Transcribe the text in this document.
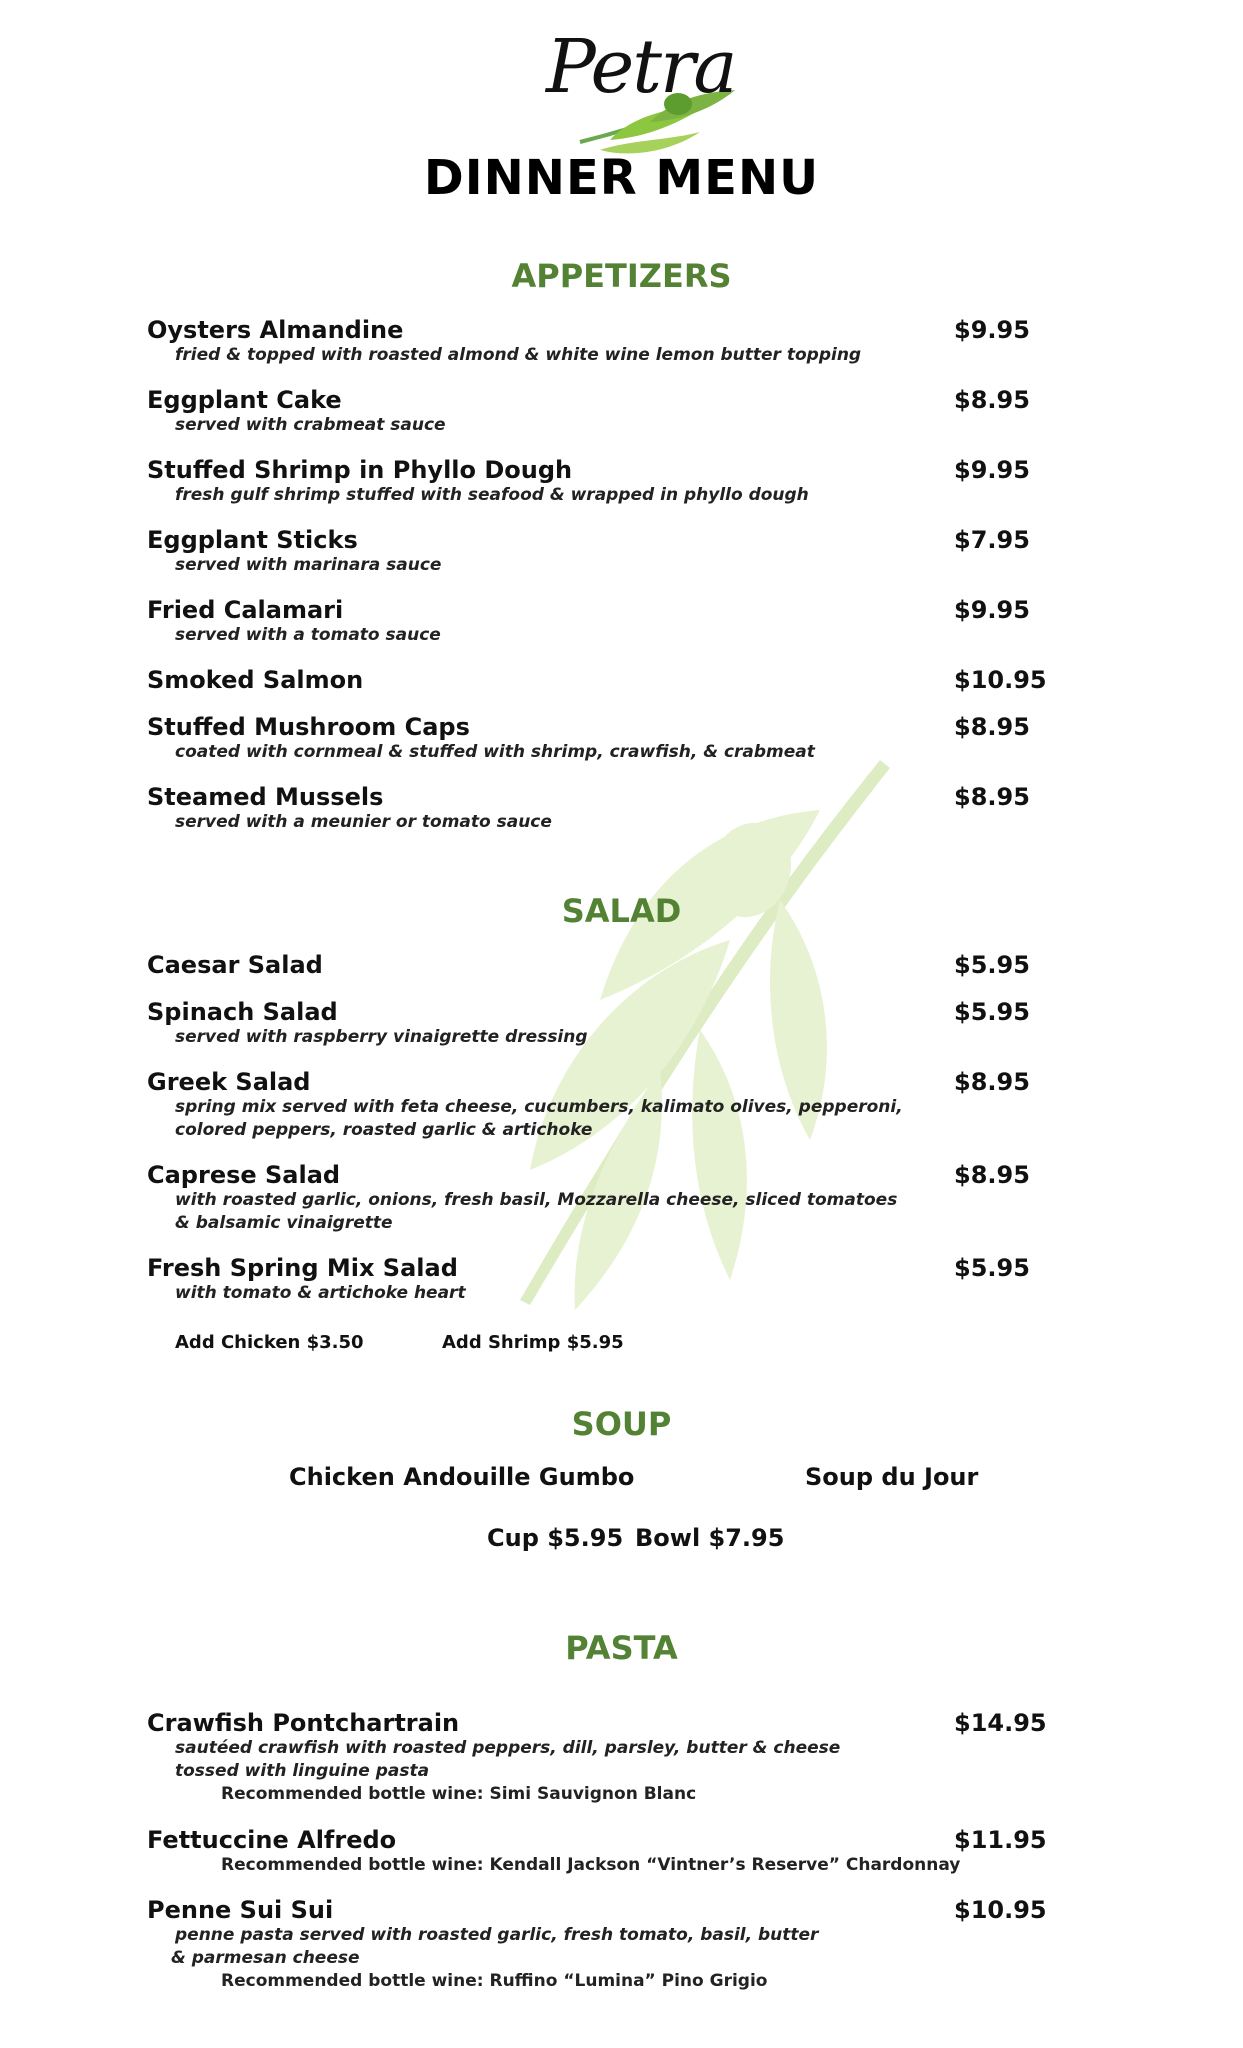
Petra
DINNER MENU
APPETIZERS
Oysters Almandine	$9.95
fried & topped with roasted almond & white wine lemon butter topping
Eggplant Cake	$8.95
served with crabmeat sauce
Stuffed Shrimp in Phyllo Dough	$9.95
fresh gulf shrimp stuffed with seafood & wrapped in phyllo dough
Eggplant Sticks	$7.95
served with marinara sauce
Fried Calamari	$9.95
served with a tomato sauce
Smoked Salmon	$10.95
Stuffed Mushroom Caps	$8.95
coated with cornmeal & stuffed with shrimp, crawfish, & crabmeat
Steamed Mussels	$8.95
served with a meunier or tomato sauce
SALAD
Caesar Salad	$5.95
Spinach Salad	$5.95
served with raspberry vinaigrette dressing
Greek Salad	$8.95
spring mix served with feta cheese, cucumbers, kalimato olives, pepperoni,
colored peppers, roasted garlic & artichoke
Caprese Salad	$8.95
with roasted garlic, onions, fresh basil, Mozzarella cheese, sliced tomatoes
& balsamic vinaigrette
Fresh Spring Mix Salad	$5.95
with tomato & artichoke heart
Add Chicken $3.50	Add Shrimp $5.95
SOUP
Chicken Andouille Gumbo	Soup du Jour
Cup $5.95 Bowl $7.95
PASTA
Crawfish Pontchartrain	$14.95
sautéed crawfish with roasted peppers, dill, parsley, butter & cheese
tossed with linguine pasta
Recommended bottle wine: Simi Sauvignon Blanc
Fettuccine Alfredo	$11.95
Recommended bottle wine: Kendall Jackson “Vintner’s Reserve” Chardonnay
Penne Sui Sui	$10.95
penne pasta served with roasted garlic, fresh tomato, basil, butter
& parmesan cheese
Recommended bottle wine: Ruffino “Lumina” Pino Grigio
